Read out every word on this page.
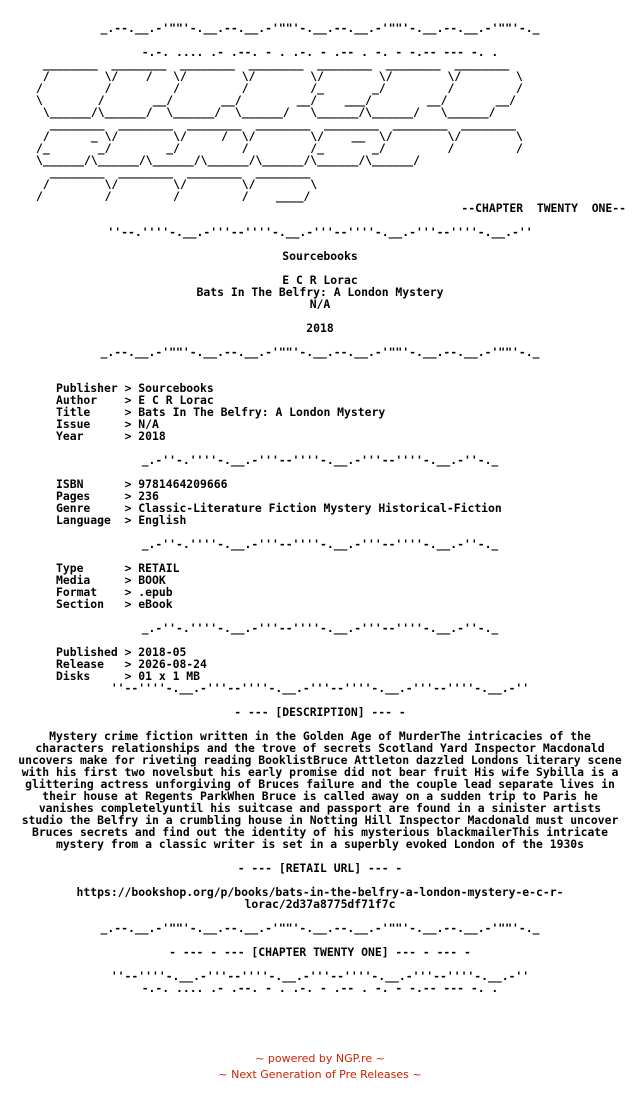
_.--.__.-'""'-.__.--.__.-'""'-.__.--.__.-'""'-.__.--.__.-'""'-._
-.-. .... .- .--. - . .-. - .-- . -. - -.-- --- -. .
________  ________  ________  ________  ________  ________  ________
/        \/    /   \/        \/        \/        \/        \/        \
/         /         /         /         /_       _/         /         /
\        /       __/       __/        __/    ___/        __/       __/
\______/\______/  \______/  \______/   \______/\______/   \______/
________  ________  ________  ________  ________  ________  ________
/      _ \/        \/     /  \/        \/    __  \/        \/        \
/_       _/        _/         /         /_       _/         /         /
\______/\______/\______/\______/\______/\______/\______/
________  ________  ________  ________
/        \/        \/        \/        \
/         /         /         /    ____/
--CHAPTER  TWENTY  ONE--
''--.''''-.__.-'''--''''-.__.-'''--''''-.__.-'''--''''-.__.-''
Sourcebooks
E C R Lorac
Bats In The Belfry: A London Mystery
N/A
2018
_.--.__.-'""'-.__.--.__.-'""'-.__.--.__.-'""'-.__.--.__.-'""'-._
Publisher > Sourcebooks
Author > E C R Lorac
Title > Bats In The Belfry: A London Mystery
Issue > N/A
Year	> 2018
_.-''-.''''-.__.-'''--''''-.__.-'''--''''-.__.-''-._
ISBN	> 9781464209666
Pages > 236
Genre > Classic-Literature Fiction Mystery Historical-Fiction
Language > English
_.-''-.''''-.__.-'''--''''-.__.-'''--''''-.__.-''-._
Type	> RETAIL
Media > BOOK
Format > .epub
Section > eBook
_.-''-.''''-.__.-'''--''''-.__.-'''--''''-.__.-''-._
Published > 2018-05
Release > 2026-08-24
Disks > 01 x 1 MB
''--''''-.__.-'''--''''-.__.-'''--''''-.__.-'''--''''-.__.-''
- --- [DESCRIPTION] --- -
Mystery crime fiction written in the Golden Age of MurderThe intricacies of the characters relationships and the trove of secrets Scotland Yard Inspector Macdonald uncovers make for riveting reading BooklistBruce Attleton dazzled Londons literary scene with his first two novelsbut his early promise did not bear fruit His wife Sybilla is a glittering actress unforgiving of Bruces failure and the couple lead separate lives in their house at Regents ParkWhen Bruce is called away on a sudden trip to Paris he vanishes completelyuntil his suitcase and passport are found in a sinister artists studio the Belfry in a crumbling house in Notting Hill Inspector Macdonald must uncover Bruces secrets and find out the identity of his mysterious blackmailerThis intricate mystery from a classic writer is set in a superbly evoked London of the 1930s
- --- [RETAIL URL] --- -
https://bookshop.org/p/books/bats-in-the-belfry-a-london-mystery-e-c-r-lorac/2d37a8775df71f7c
_.--.__.-'""'-.__.--.__.-'""'-.__.--.__.-'""'-.__.--.__.-'""'-._
- --- - --- [CHAPTER TWENTY ONE] --- - --- -
''--''''-.__.-'''--''''-.__.-'''--''''-.__.-'''--''''-.__.-''
-.-. .... .- .--. - . .-. - .-- . -. - -.-- --- -. .
~ powered by NGP.re ~
~ Next Generation of Pre Releases ~
